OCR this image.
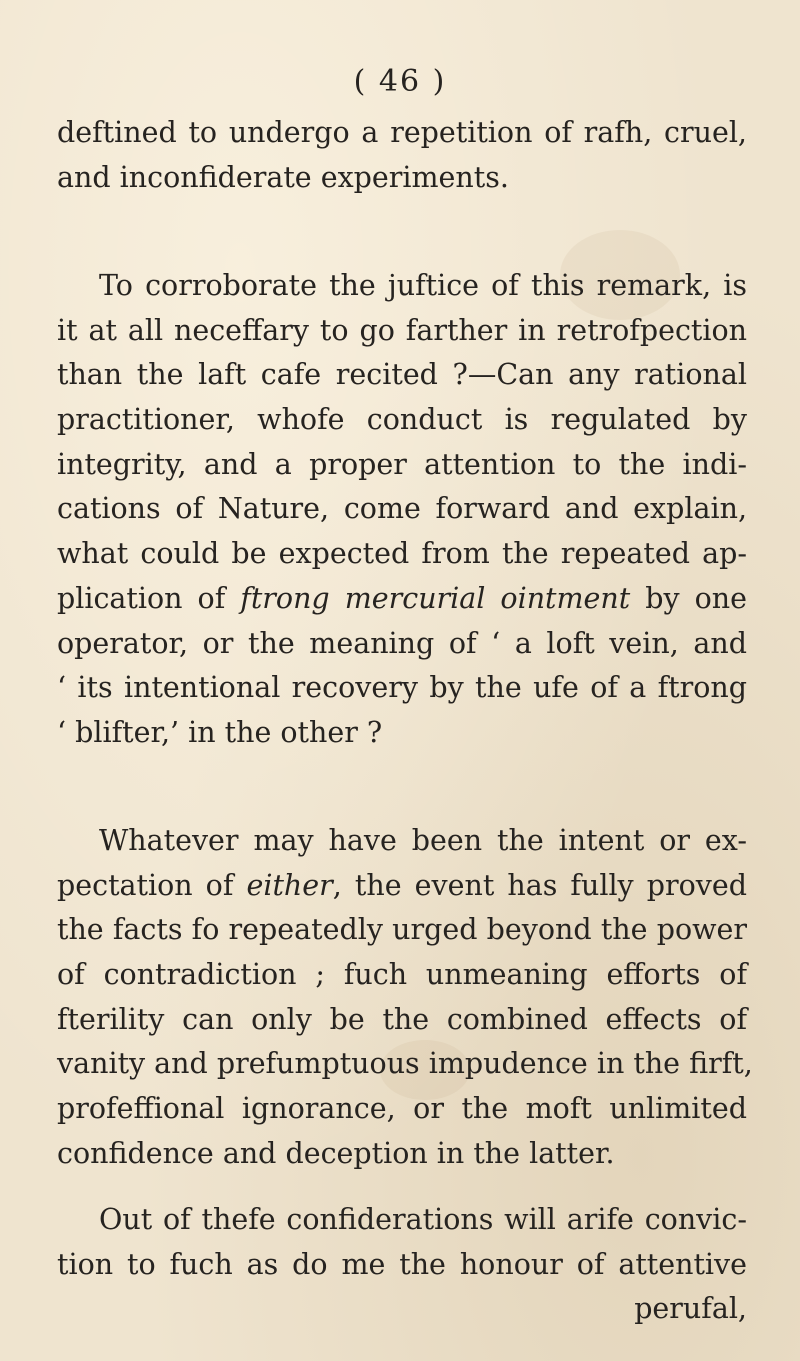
( 46 )
deftined to undergo a repetition of rafh, cruel,
and inconfiderate experiments.
To corroborate the juftice of this remark, is
it at all neceffary to go farther in retrofpection
than the laft cafe recited ?—Can any rational
practitioner, whofe conduct is regulated by
integrity, and a proper attention to the indi-
cations of Nature, come forward and explain,
what could be expected from the repeated ap-
plication of ftrong mercurial ointment by one
operator, or the meaning of ‘ a loft vein, and
‘ its intentional recovery by the ufe of a ftrong
‘ blifter,’ in the other ?
Whatever may have been the intent or ex-
pectation of either, the event has fully proved
the facts fo repeatedly urged beyond the power
of contradiction ; fuch unmeaning efforts of
fterility can only be the combined effects of
vanity and prefumptuous impudence in the firft,
profeffional ignorance, or the moft unlimited
confidence and deception in the latter.
Out of thefe confiderations will arife convic-
tion to fuch as do me the honour of attentive
perufal,
